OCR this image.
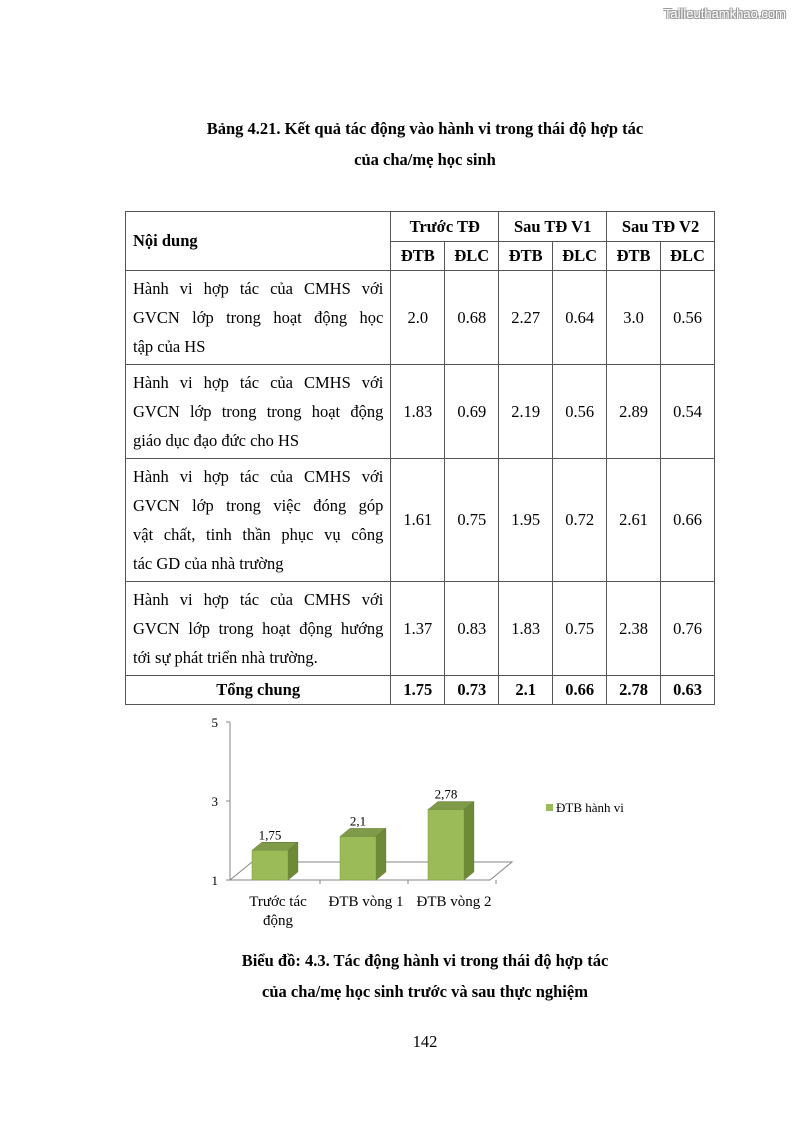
Tailieuthamkhao.com
Bảng 4.21. Kết quả tác động vào hành vi trong thái độ hợp tác
của cha/mẹ học sinh
Nội dung	Trước TĐ		Sau TĐ V1		Sau TĐ V2	
	ĐTB	ĐLC	ĐTB	ĐLC	ĐTB	ĐLC

Hành vi hợp tác của CMHS với
GVCN lớp trong hoạt động học
tập của HS	2.0	0.68	2.27	0.64	3.0	0.56

Hành vi hợp tác của CMHS với
GVCN lớp trong trong hoạt động
giáo dục đạo đức cho HS	1.83	0.69	2.19	0.56	2.89	0.54

Hành vi hợp tác của CMHS với
GVCN lớp trong việc đóng góp
vật chất, tinh thần phục vụ công
tác GD của nhà trường	1.61	0.75	1.95	0.72	2.61	0.66

Hành vi hợp tác của CMHS với
GVCN lớp trong hoạt động hướng
tới sự phát triển nhà trường.	1.37	0.83	1.83	0.75	2.38	0.76
Tổng chung	1.75	0.73	2.1	0.66	2.78	0.63
1
3
5
1,75
Trước tác
động
2,1
ĐTB vòng 1
2,78
ĐTB vòng 2
ĐTB hành vi
Biểu đồ: 4.3. Tác động hành vi trong thái độ hợp tác
của cha/mẹ học sinh trước và sau thực nghiệm
142
